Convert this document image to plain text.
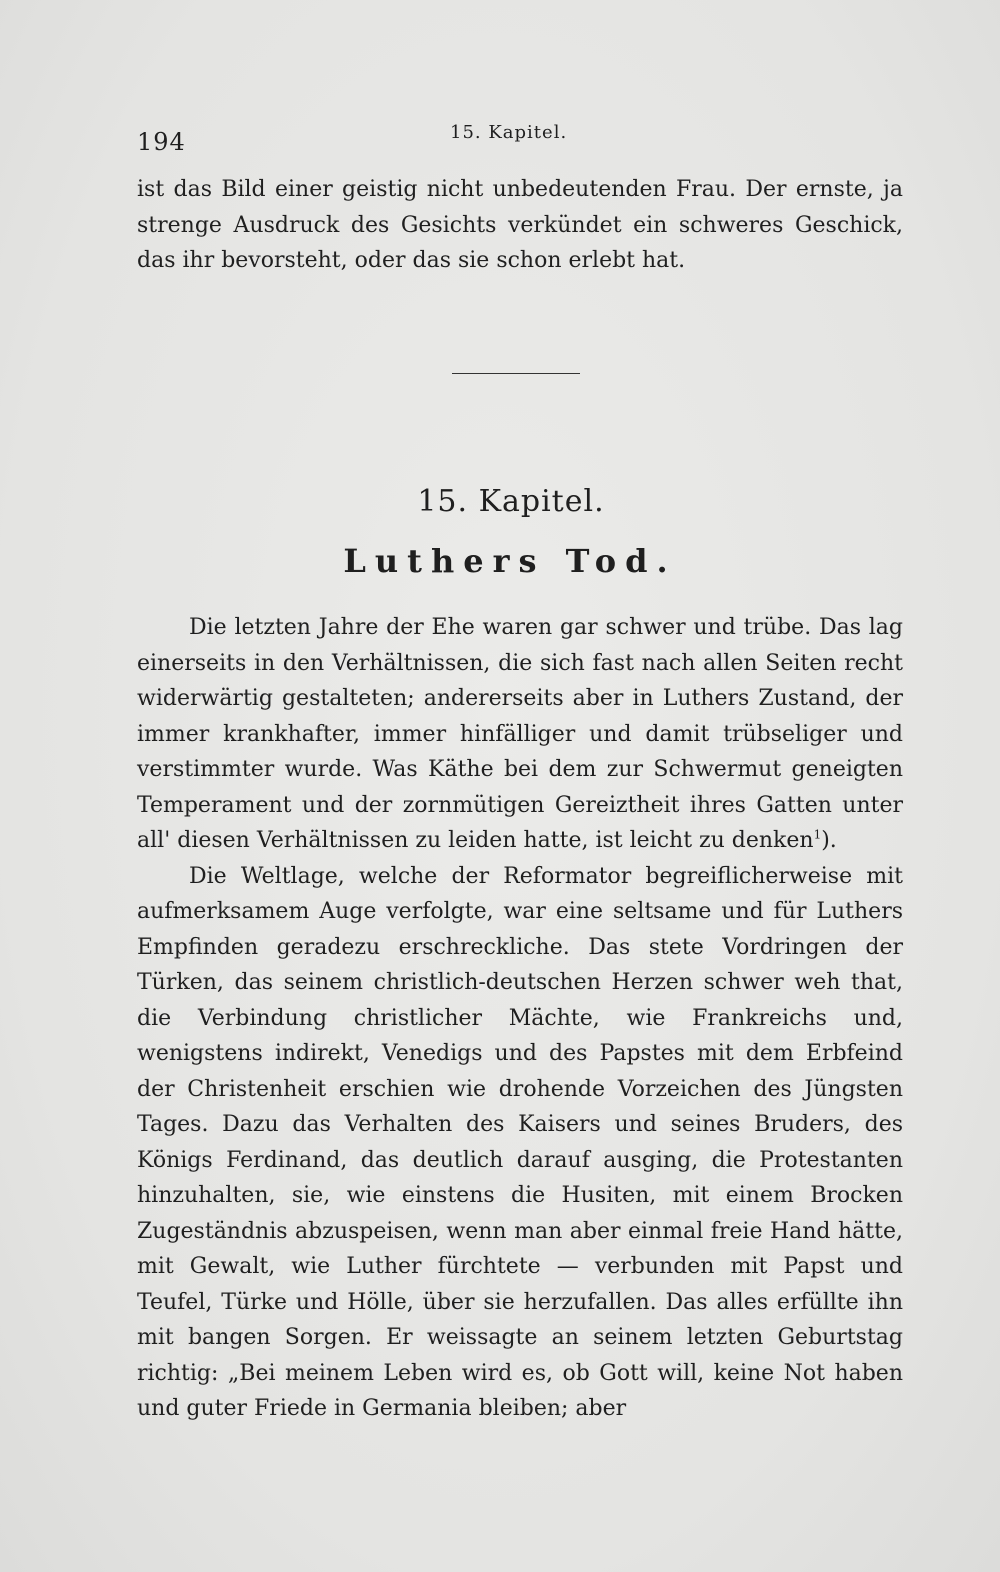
194	15. Kapitel.

ist das Bild einer geistig nicht unbedeutenden Frau. Der ernste, ja strenge Ausdruck des Gesichts verkündet ein schweres Geschick, das ihr bevorsteht, oder das sie schon erlebt hat.

15. Kapitel.
Luthers Tod.

Die letzten Jahre der Ehe waren gar schwer und trübe. Das lag einerseits in den Verhältnissen, die sich fast nach allen Seiten recht widerwärtig gestalteten; andererseits aber in Luthers Zustand, der immer krankhafter, immer hinfälliger und damit trübseliger und verstimmter wurde. Was Käthe bei dem zur Schwermut geneigten Temperament und der zornmütigen Gereiztheit ihres Gatten unter all' diesen Verhältnissen zu leiden hatte, ist leicht zu denken$^1$).

Die Weltlage, welche der Reformator begreiflicherweise mit aufmerksamem Auge verfolgte, war eine seltsame und für Luthers Empfinden geradezu erschreckliche. Das stete Vordringen der Türken, das seinem christlich-deutschen Herzen schwer weh that, die Verbindung christlicher Mächte, wie Frankreichs und, wenigstens indirekt, Venedigs und des Papstes mit dem Erbfeind der Christenheit erschien wie drohende Vorzeichen des Jüngsten Tages. Dazu das Verhalten des Kaisers und seines Bruders, des Königs Ferdinand, das deutlich darauf ausging, die Protestanten hinzuhalten, sie, wie einstens die Husiten, mit einem Brocken Zugeständnis abzuspeisen, wenn man aber einmal freie Hand hätte, mit Gewalt, wie Luther fürchtete — verbunden mit Papst und Teufel, Türke und Hölle, über sie herzufallen. Das alles erfüllte ihn mit bangen Sorgen. Er weissagte an seinem letzten Geburtstag richtig: „Bei meinem Leben wird es, ob Gott will, keine Not haben und guter Friede in Germania bleiben; aber
